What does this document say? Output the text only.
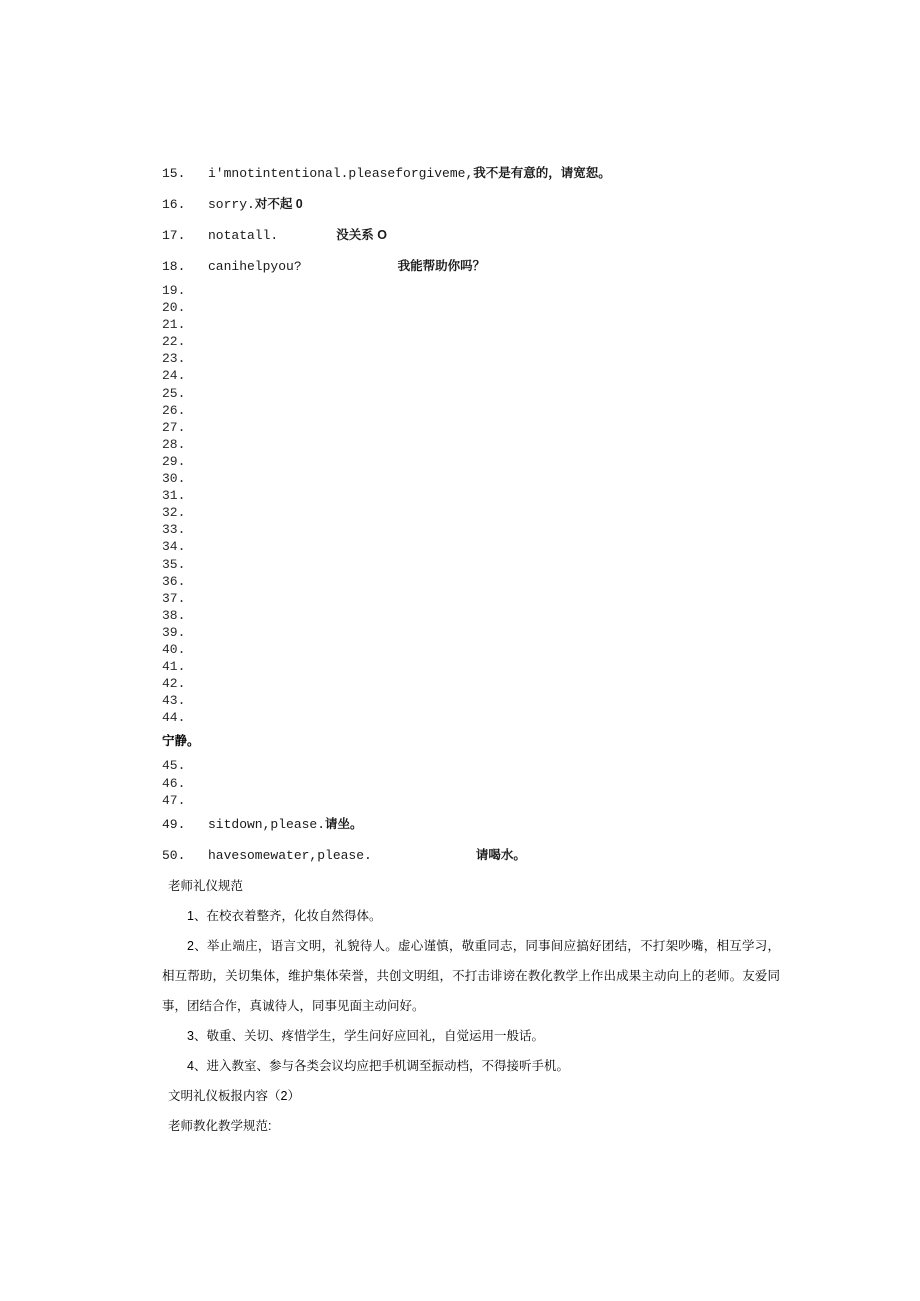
15. i'mnotintentional.pleaseforgiveme,我不是有意的，请宽恕。

16. sorry.对不起 0

17. notatall.	没关系 O

18. canihelpyou?	我能帮助你吗？

19.

20.

21.

22.

23.

24.

25.

26.

27.

28.

29.

30.

31.

32.

33.

34.

35.

36.

37.

38.

39.

40.

41.

42.

43.

44.

宁静。

45.

46.

47.

49. sitdown,please.请坐。

50. havesomewater,please.	请喝水。

老师礼仪规范

1、在校衣着整齐，化妆自然得体。

2、举止端庄，语言文明，礼貌待人。虚心谨慎，敬重同志，同事间应搞好团结，不打架吵嘴，相互学习，相互帮助，关切集体，维护集体荣誉，共创文明组，不打击诽谤在教化教学上作出成果主动向上的老师。友爱同事，团结合作，真诚待人，同事见面主动问好。

3、敬重、关切、疼惜学生，学生问好应回礼，自觉运用一般话。

4、进入教室、参与各类会议均应把手机调至振动档，不得接听手机。

文明礼仪板报内容（2）

老师教化教学规范:
